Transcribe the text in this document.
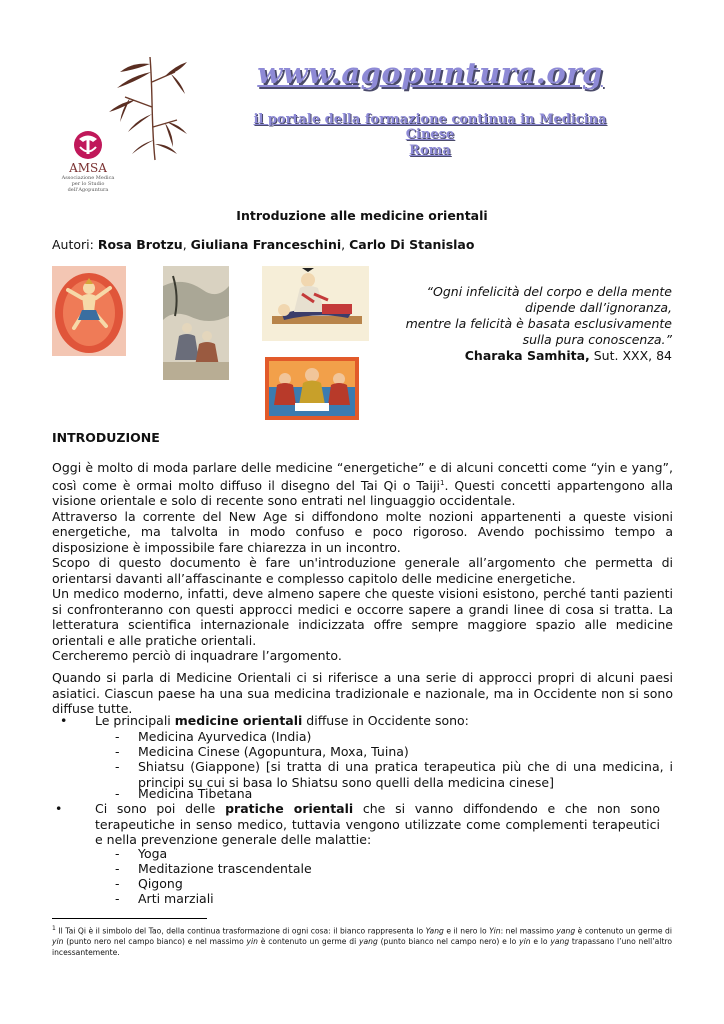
AMSA
Associazione Medica per lo Studio dell'Agopuntura
www.agopuntura.org
il portale della formazione continua in Medicina Cinese
Roma
Introduzione alle medicine orientali
Autori: Rosa Brotzu, Giuliana Franceschini, Carlo Di Stanislao
“Ogni infelicità del corpo e della mente
dipende dall’ignoranza,
mentre la felicità è basata esclusivamente
sulla pura conoscenza.”
Charaka Samhita, Sut. XXX, 84
INTRODUZIONE
Oggi è molto di moda parlare delle medicine “energetiche” e di alcuni concetti come “yin e yang”, così come è ormai molto diffuso il disegno del Tai Qi o Taiji$^1$. Questi concetti appartengono alla visione orientale e solo di recente sono entrati nel linguaggio occidentale.
Attraverso la corrente del New Age si diffondono molte nozioni appartenenti a queste visioni energetiche, ma talvolta in modo confuso e poco rigoroso. Avendo pochissimo tempo a disposizione è impossibile fare chiarezza in un incontro.
Scopo di questo documento è fare un'introduzione generale all’argomento che permetta di orientarsi davanti all’affascinante e complesso capitolo delle medicine energetiche.
Un medico moderno, infatti, deve almeno sapere che queste visioni esistono, perché tanti pazienti si confronteranno con questi approcci medici e occorre sapere a grandi linee di cosa si tratta. La letteratura scientifica internazionale indicizzata offre sempre maggiore spazio alle medicine orientali e alle pratiche orientali.
Cercheremo perciò di inquadrare l’argomento.
Quando si parla di Medicine Orientali ci si riferisce a una serie di approcci propri di alcuni paesi asiatici. Ciascun paese ha una sua medicina tradizionale e nazionale, ma in Occidente non si sono diffuse tutte.
• Le principali medicine orientali diffuse in Occidente sono:
- Medicina Ayurvedica (India)
- Medicina Cinese (Agopuntura, Moxa, Tuina)
- Shiatsu (Giappone) [si tratta di una pratica terapeutica più che di una medicina, i principi su cui si basa lo Shiatsu sono quelli della medicina cinese]
- Medicina Tibetana
•	Ci sono poi delle pratiche orientali che si vanno diffondendo e che non sono terapeutiche in senso medico, tuttavia vengono utilizzate come complementi terapeutici e nella prevenzione generale delle malattie:
- Yoga
- Meditazione trascendentale
- Qigong
- Arti marziali
$^1$ Il Tai Qi è il simbolo del Tao, della continua trasformazione di ogni cosa: il bianco rappresenta lo Yang e il nero lo Yin: nel massimo yang è contenuto un germe di yin (punto nero nel campo bianco) e nel massimo yin è contenuto un germe di yang (punto bianco nel campo nero) e lo yin e lo yang trapassano l’uno nell’altro incessantemente.
